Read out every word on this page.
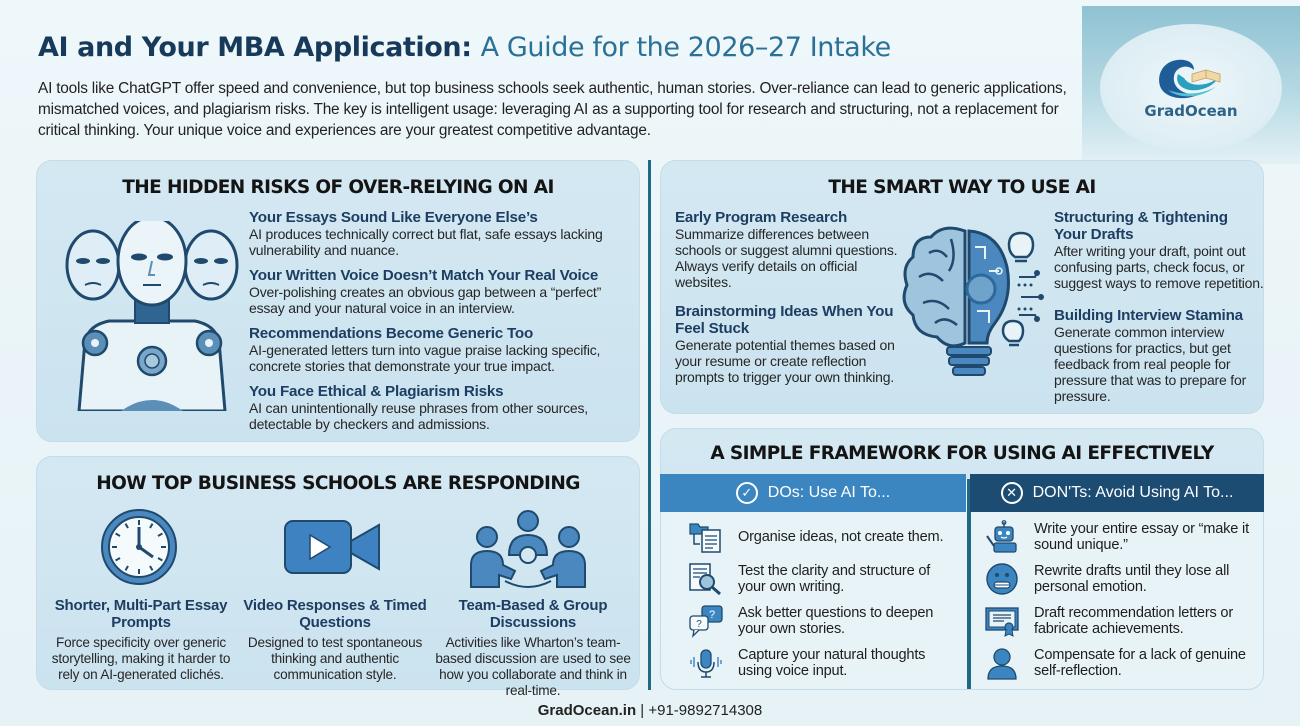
AI and Your MBA Application: A Guide for the 2026–27 Intake

AI tools like ChatGPT offer speed and convenience, but top business schools seek authentic, human stories. Over-reliance can lead to generic applications, mismatched voices, and plagiarism risks. The key is intelligent usage: leveraging AI as a supporting tool for research and structuring, not a replacement for critical thinking. Your unique voice and experiences are your greatest competitive advantage.

GradOcean
THE HIDDEN RISKS OF OVER-RELYING ON AI
Your Essays Sound Like Everyone Else’s
AI produces technically correct but flat, safe essays lacking vulnerability and nuance.
Your Written Voice Doesn’t Match Your Real Voice
Over-polishing creates an obvious gap between a “perfect” essay and your natural voice in an interview.
Recommendations Become Generic Too
AI-generated letters turn into vague praise lacking specific, concrete stories that demonstrate your true impact.
You Face Ethical & Plagiarism Risks
AI can unintentionally reuse phrases from other sources, detectable by checkers and admissions.
HOW TOP BUSINESS SCHOOLS ARE RESPONDING
Shorter, Multi-Part Essay Prompts
Force specificity over generic storytelling, making it harder to rely on AI-generated clichés.
Video Responses & Timed Questions
Designed to test spontaneous thinking and authentic communication style.
Team-Based & Group Discussions
Activities like Wharton’s team-based discussion are used to see how you collaborate and think in real-time.
THE SMART WAY TO USE AI
Early Program Research
Summarize differences between schools or suggest alumni questions. Always verify details on official websites.
Brainstorming Ideas When You Feel Stuck
Generate potential themes based on your resume or create reflection prompts to trigger your own thinking.
Structuring & Tightening Your Drafts
After writing your draft, point out confusing parts, check focus, or suggest ways to remove repetition.
Building Interview Stamina
Generate common interview questions for practics, but get feedback from real people for pressure that was to prepare for pressure.
A SIMPLE FRAMEWORK FOR USING AI EFFECTIVELY
✓ DOs: Use AI To...	✕ DON'Ts: Avoid Using AI To...
Organise ideas, not create them.
Test the clarity and structure of your own writing.
?
?
Ask better questions to deepen your own stories.
Capture your natural thoughts using voice input.
Write your entire essay or “make it sound unique.”
Rewrite drafts until they lose all personal emotion.
Draft recommendation letters or fabricate achievements.
Compensate for a lack of genuine self-reflection.
GradOcean.in | +91-9892714308
